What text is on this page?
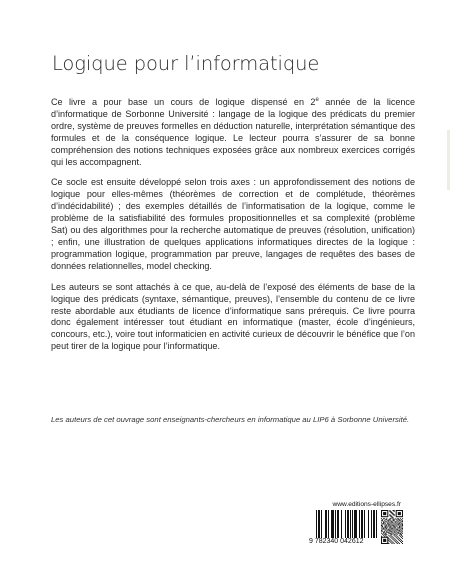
Logique pour l’informatique

Ce livre a pour base un cours de logique dispensé en 2e année de la licence d’informatique de Sorbonne Université : langage de la logique des prédicats du premier ordre, système de preuves formelles en déduction naturelle, interprétation sémantique des formules et de la conséquence logique. Le lecteur pourra s’assurer de sa bonne compréhension des notions techniques exposées grâce aux nombreux exercices corrigés qui les accompagnent.

Ce socle est ensuite développé selon trois axes : un approfondissement des notions de logique pour elles-mêmes (théorèmes de correction et de complétude, théorèmes d’indécidabilité) ; des exemples détaillés de l’informatisation de la logique, comme le problème de la satisfiabilité des formules propositionnelles et sa complexité (problème Sat) ou des algorithmes pour la recherche automatique de preuves (résolution, unification) ; enfin, une illustration de quelques applications informatiques directes de la logique : programmation logique, programmation par preuve, langages de requêtes des bases de données relationnelles, model checking.

Les auteurs se sont attachés à ce que, au-delà de l’exposé des éléments de base de la logique des prédicats (syntaxe, sémantique, preuves), l’ensemble du contenu de ce livre reste abordable aux étudiants de licence d’informatique sans prérequis. Ce livre pourra donc également intéresser tout étudiant en informatique (master, école d’ingénieurs, concours, etc.), voire tout informaticien en activité curieux de découvrir le bénéfice que l’on peut tirer de la logique pour l’informatique.

Les auteurs de cet ouvrage sont enseignants-chercheurs en informatique au LIP6 à Sorbonne Université.

www.editions-ellipses.fr

9 782340 042612
